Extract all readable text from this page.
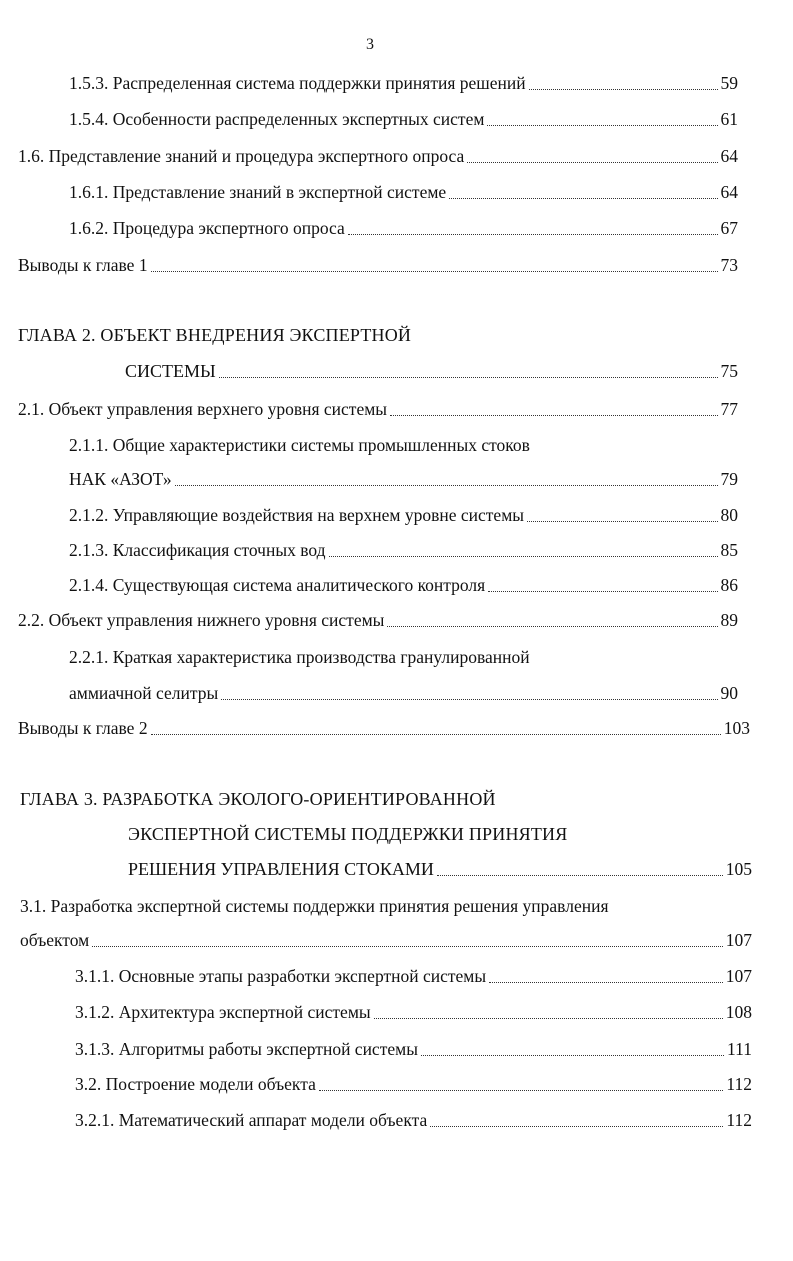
3
1.5.3. Распределенная система поддержки принятия решений	59
1.5.4. Особенности распределенных экспертных систем	61
1.6. Представление знаний и процедура экспертного опроса	64
1.6.1. Представление знаний в экспертной системе	64
1.6.2. Процедура экспертного опроса	67
Выводы к главе 1	73
ГЛАВА 2. ОБЪЕКТ ВНЕДРЕНИЯ ЭКСПЕРТНОЙ
СИСТЕМЫ	75
2.1. Объект управления верхнего уровня системы	77
2.1.1. Общие характеристики системы промышленных стоков
НАК «АЗОТ»	79
2.1.2. Управляющие воздействия на верхнем уровне системы	80
2.1.3. Классификация сточных вод	85
2.1.4. Существующая система аналитического контроля	86
2.2. Объект управления нижнего уровня системы	89
2.2.1. Краткая характеристика производства гранулированной
аммиачной селитры	90
Выводы к главе 2	103
ГЛАВА 3. РАЗРАБОТКА ЭКОЛОГО-ОРИЕНТИРОВАННОЙ
ЭКСПЕРТНОЙ СИСТЕМЫ ПОДДЕРЖКИ ПРИНЯТИЯ
РЕШЕНИЯ УПРАВЛЕНИЯ СТОКАМИ	105
3.1. Разработка экспертной системы поддержки принятия решения управления
объектом	107
3.1.1. Основные этапы разработки экспертной системы	107
3.1.2. Архитектура экспертной системы	108
3.1.3. Алгоритмы работы экспертной системы	111
3.2. Построение модели объекта	112
3.2.1. Математический аппарат модели объекта	112
